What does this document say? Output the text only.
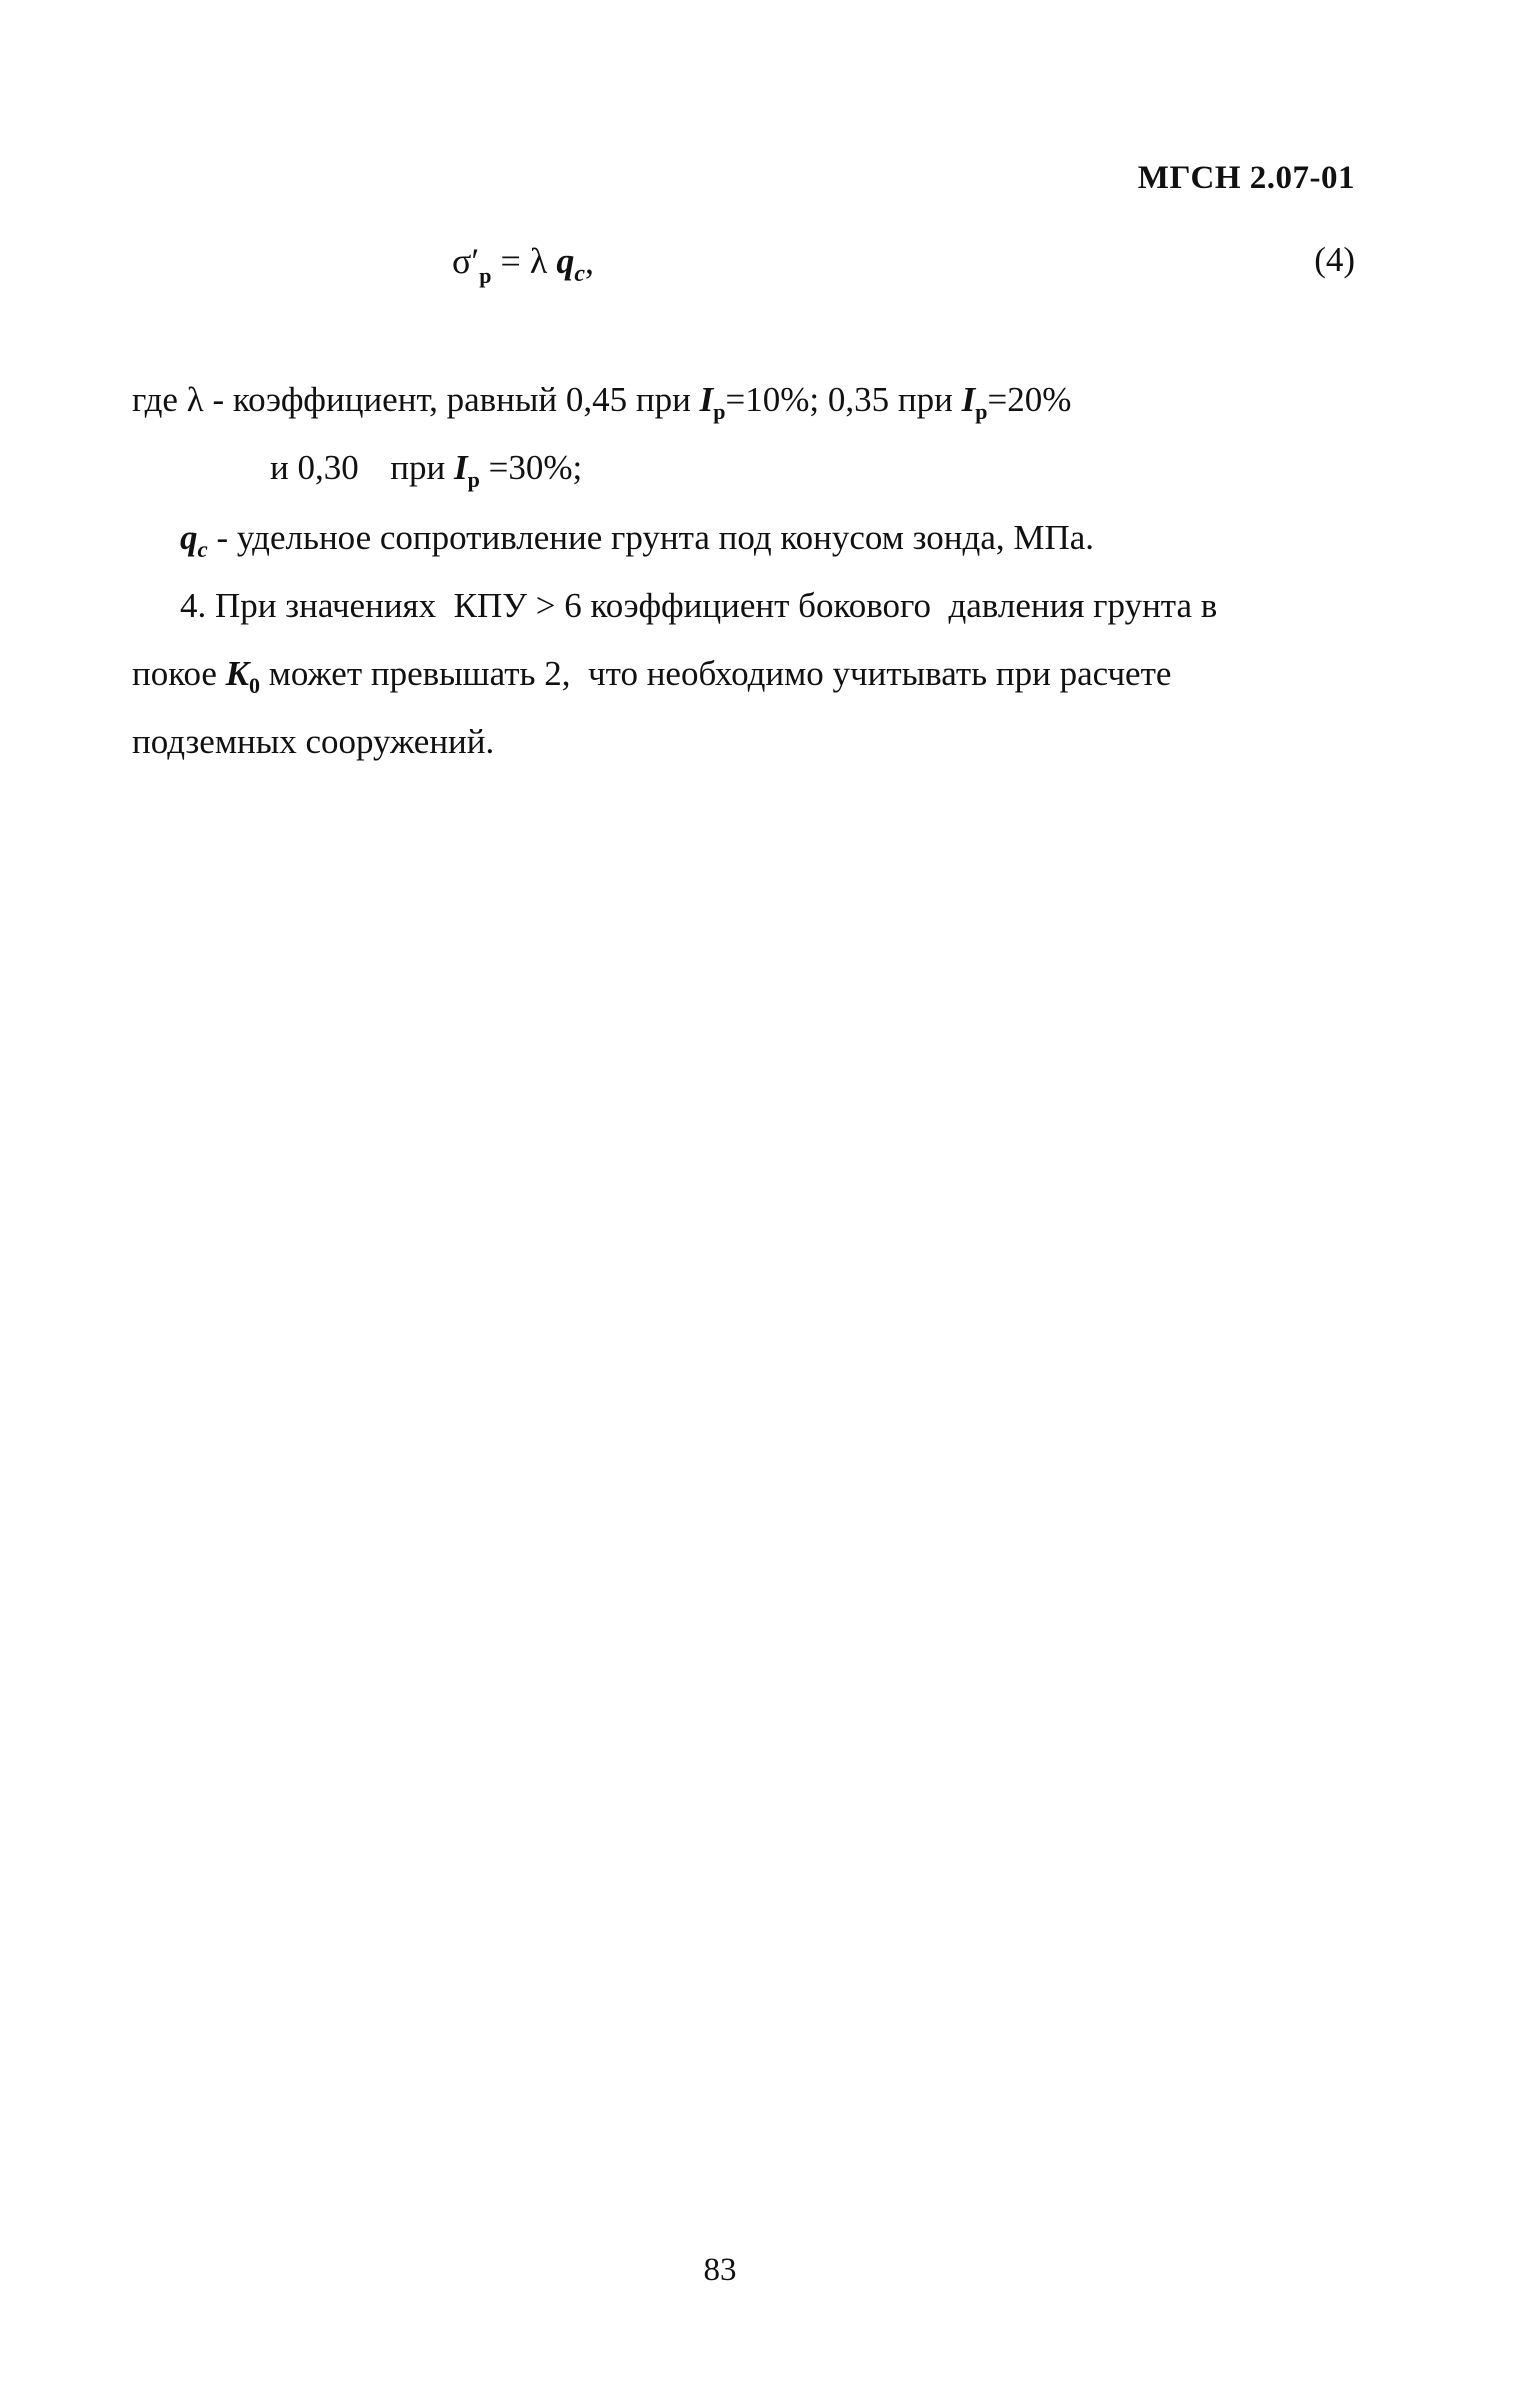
МГСН 2.07-01
$\sigma'_р = \lambda$ $q_c$,	(4)
где λ - коэффициент, равный 0,45 при $I_р=10\%$; 0,35 при $I_р=20\%$
и 0,30 при $I_р =30\%$;
$q_c$ - удельное сопротивление грунта под конусом зонда, МПа.
4. При значениях  КПУ > 6 коэффициент бокового  давления грунта в
покое $K_0$ может превышать 2,  что необходимо учитывать при расчете
подземных сооружений.
83
